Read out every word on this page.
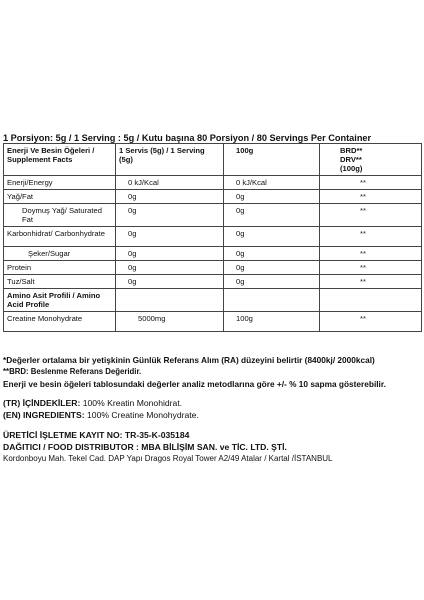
1 Porsiyon: 5g / 1 Serving : 5g / Kutu başına 80 Porsiyon / 80 Servings Per Container
Enerji Ve Besin Öğeleri / Supplement Facts	1 Servis (5g) / 1 Serving (5g)	100g	BRD** DRV** (100g)
Enerji/Energy	0 kJ/Kcal	0 kJ/Kcal	**
Yağ/Fat	0g	0g	**
Doymuş Yağ/ Saturated Fat	0g	0g	**
Karbonhidrat/ Carbonhydrate	0g	0g	**
Şeker/Sugar	0g	0g	**
Protein	0g	0g	**
Tuz/Salt	0g	0g	**
Amino Asit Profili / Amino Acid Profile			
Creatine Monohydrate	5000mg	100g	**

*Değerler ortalama bir yetişkinin Günlük Referans Alım (RA) düzeyini belirtir (8400kj/ 2000kcal)

**BRD: Beslenme Referans Değeridir.

Enerji ve besin öğeleri tablosundaki değerler analiz metodlarına göre +/- % 10 sapma gösterebilir.

(TR) İÇİNDEKİLER: 100% Kreatin Monohidrat.

(EN) INGREDIENTS: 100% Creatine Monohydrate.

ÜRETİCİ İŞLETME KAYIT NO: TR-35-K-035184

DAĞITICI / FOOD DISTRIBUTOR : MBA BİLİŞİM SAN. ve TİC. LTD. ŞTİ.

Kordonboyu Mah. Tekel Cad. DAP Yapı Dragos Royal Tower A2/49 Atalar / Kartal /İSTANBUL
